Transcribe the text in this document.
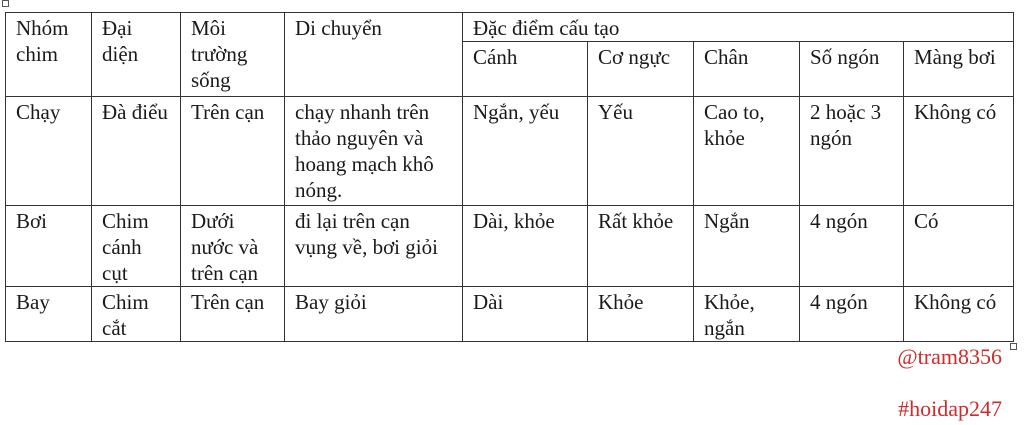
Nhóm chim	Đại diện	Môi trường sống	Di chuyển	Đặc điểm cấu tạo				
				Cánh	Cơ ngực	Chân	Số ngón	Màng bơi
Chạy	Đà điểu	Trên cạn	chạy nhanh trên thảo nguyên và hoang mạch khô nóng.	Ngắn, yếu	Yếu	Cao to, khỏe	2 hoặc 3 ngón	Không có
Bơi	Chim cánh cụt	Dưới nước và trên cạn	đi lại trên cạn vụng về, bơi giỏi	Dài, khỏe	Rất khỏe	Ngắn	4 ngón	Có
Bay	Chim cắt	Trên cạn	Bay giỏi	Dài	Khỏe	Khỏe, ngắn	4 ngón	Không có
@tram8356
#hoidap247
